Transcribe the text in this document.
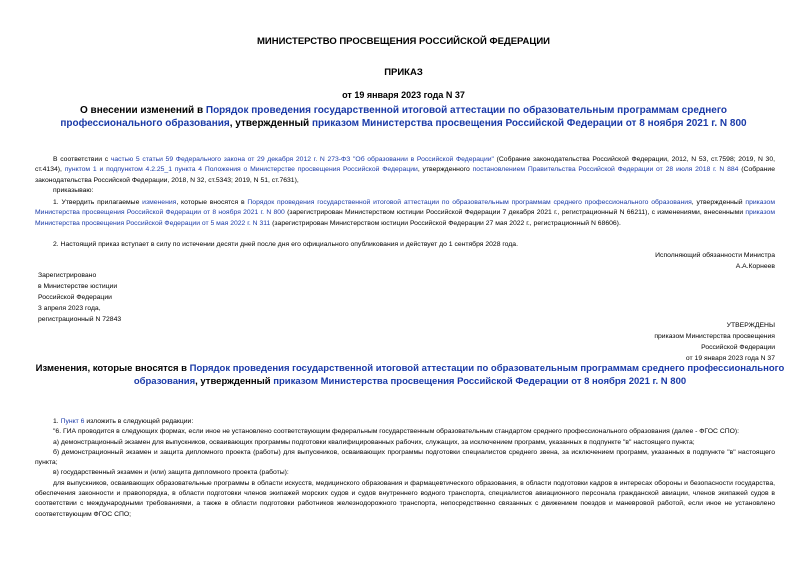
МИНИСТЕРСТВО ПРОСВЕЩЕНИЯ РОССИЙСКОЙ ФЕДЕРАЦИИ
ПРИКАЗ
от 19 января 2023 года N 37
О внесении изменений в Порядок проведения государственной итоговой аттестации по образовательным программам среднего профессионального образования, утвержденный приказом Министерства просвещения Российской Федерации от 8 ноября 2021 г. N 800

В соответствии с частью 5 статьи 59 Федерального закона от 29 декабря 2012 г. N 273-ФЗ "Об образовании в Российской Федерации" (Собрание законодательства Российской Федерации, 2012, N 53, ст.7598; 2019, N 30, ст.4134), пунктом 1 и подпунктом 4.2.25_1 пункта 4 Положения о Министерстве просвещения Российской Федерации, утвержденного постановлением Правительства Российской Федерации от 28 июля 2018 г. N 884 (Собрание законодательства Российской Федерации, 2018, N 32, ст.5343; 2019, N 51, ст.7631),

приказываю:

1. Утвердить прилагаемые изменения, которые вносятся в Порядок проведения государственной итоговой аттестации по образовательным программам среднего профессионального образования, утвержденный приказом Министерства просвещения Российской Федерации от 8 ноября 2021 г. N 800 (зарегистрирован Министерством юстиции Российской Федерации 7 декабря 2021 г., регистрационный N 66211), с изменениями, внесенными приказом Министерства просвещения Российской Федерации от 5 мая 2022 г. N 311 (зарегистрирован Министерством юстиции Российской Федерации 27 мая 2022 г., регистрационный N 68606).

2. Настоящий приказ вступает в силу по истечении десяти дней после дня его официального опубликования и действует до 1 сентября 2028 года.

Исполняющий обязанности Министра
А.А.Корнеев
Зарегистрировано
в Министерстве юстиции
Российской Федерации
3 апреля 2023 года,
регистрационный N 72843
УТВЕРЖДЕНЫ
приказом Министерства просвещения
Российской Федерации
от 19 января 2023 года N 37
Изменения, которые вносятся в Порядок проведения государственной итоговой аттестации по образовательным программам среднего профессионального образования, утвержденный приказом Министерства просвещения Российской Федерации от 8 ноября 2021 г. N 800

1. Пункт 6 изложить в следующей редакции:

"6. ГИА проводится в следующих формах, если иное не установлено соответствующим федеральным государственным образовательным стандартом среднего профессионального образования (далее - ФГОС СПО):

а) демонстрационный экзамен для выпускников, осваивающих программы подготовки квалифицированных рабочих, служащих, за исключением программ, указанных в подпункте "в" настоящего пункта;

б) демонстрационный экзамен и защита дипломного проекта (работы) для выпускников, осваивающих программы подготовки специалистов среднего звена, за исключением программ, указанных в подпункте "в" настоящего пункта;

в) государственный экзамен и (или) защита дипломного проекта (работы):

для выпускников, осваивающих образовательные программы в области искусств, медицинского образования и фармацевтического образования, в области подготовки кадров в интересах обороны и безопасности государства, обеспечения законности и правопорядка, в области подготовки членов экипажей морских судов и судов внутреннего водного транспорта, специалистов авиационного персонала гражданской авиации, членов экипажей судов в соответствии с международными требованиями, а также в области подготовки работников железнодорожного транспорта, непосредственно связанных с движением поездов и маневровой работой, если иное не установлено соответствующим ФГОС СПО;
